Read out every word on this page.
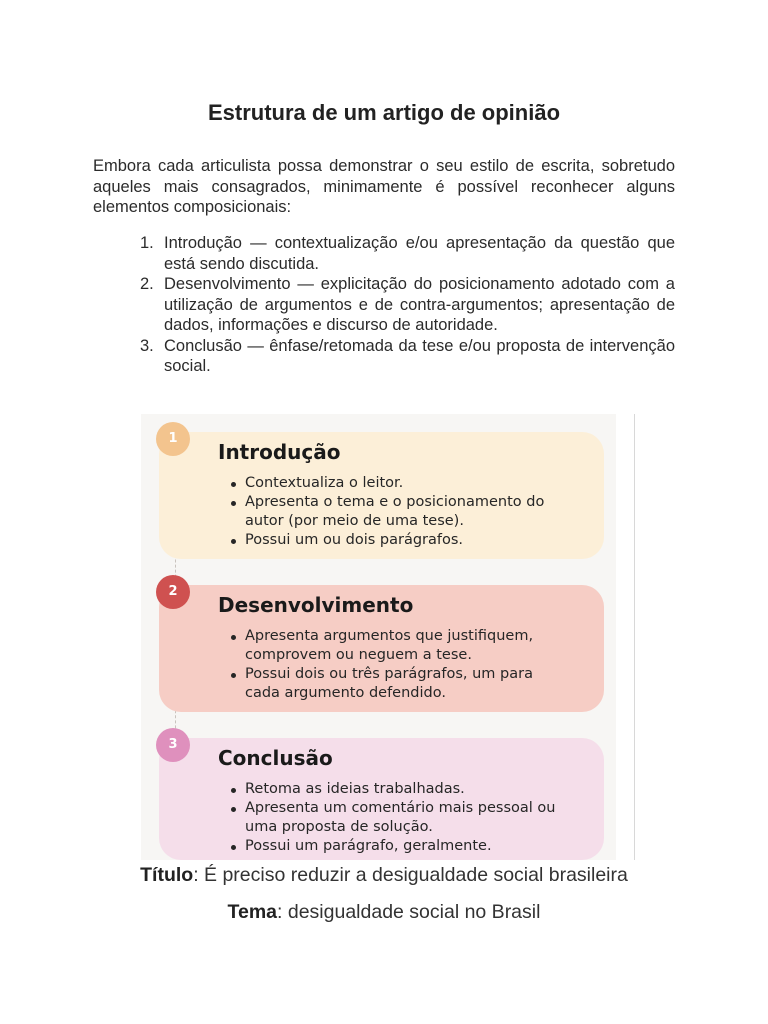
Estrutura de um artigo de opinião

Embora cada articulista possa demonstrar o seu estilo de escrita, sobretudo aqueles mais consagrados, minimamente é possível reconhecer alguns elementos composicionais:

1. Introdução — contextualização e/ou apresentação da questão que está sendo discutida.
2. Desenvolvimento — explicitação do posicionamento adotado com a utilização de argumentos e de contra-argumentos; apresentação de dados, informações e discurso de autoridade.
3. Conclusão — ênfase/retomada da tese e/ou proposta de intervenção social.
Introdução
Contextualiza o leitor.
Apresenta o tema e o posicionamento do autor (por meio de uma tese).
Possui um ou dois parágrafos.
1
Desenvolvimento
Apresenta argumentos que justifiquem, comprovem ou neguem a tese.
Possui dois ou três parágrafos, um para cada argumento defendido.
2
Conclusão
Retoma as ideias trabalhadas.
Apresenta um comentário mais pessoal ou uma proposta de solução.
Possui um parágrafo, geralmente.
3
Título: É preciso reduzir a desigualdade social brasileira
Tema: desigualdade social no Brasil
